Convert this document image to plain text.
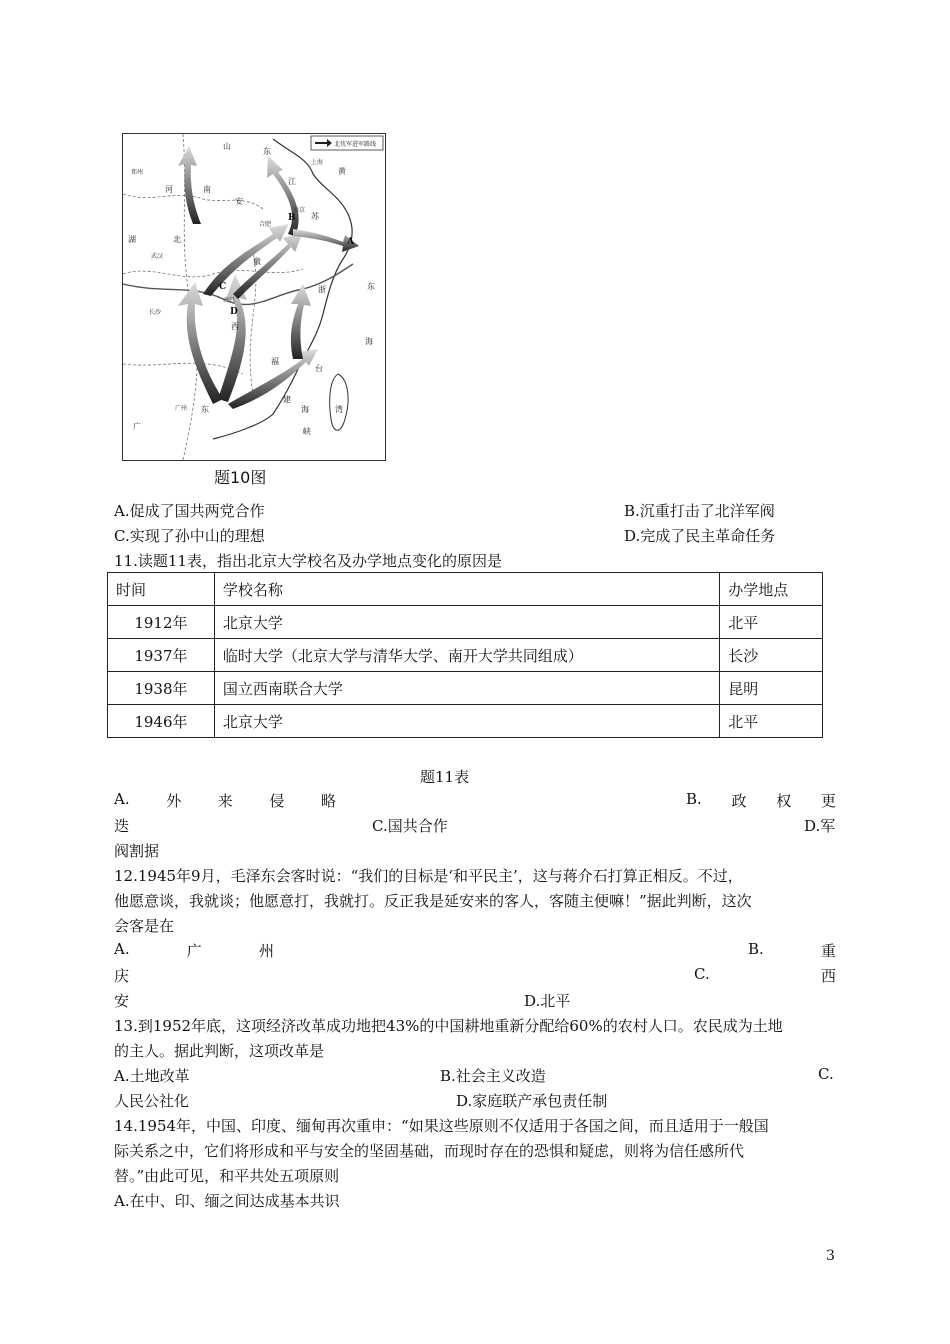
北伐军进军路线
山
东
黄
河	南
安
徽
江
苏
浙
湖	北
西
福
建
台
湾
广
东	海
峡
东
海
A
B
C
D
郑州
南京
上海
合肥
武汉
长沙
南昌
广州
题10图
A.促成了国共两党合作	B.沉重打击了北洋军阀
C.实现了孙中山的理想	D.完成了民主革命任务
11.读题11表，指出北京大学校名及办学地点变化的原因是
时间	学校名称	办学地点
1912年	北京大学	北平
1937年	临时大学（北京大学与清华大学、南开大学共同组成）	长沙
1938年	国立西南联合大学	昆明
1946年	北京大学	北平
题11表
A. 外 来 侵 略	B. 政 权 更
迭	C.国共合作	D.军
阀割据
12.1945年9月，毛泽东会客时说：“我们的目标是‘和平民主’，这与蒋介石打算正相反。不过，
他愿意谈，我就谈；他愿意打，我就打。反正我是延安来的客人，客随主便嘛！”据此判断，这次
会客是在
A.	广	州	B.	重
庆	C.	西
安	D.北平
13.到1952年底，这项经济改革成功地把43%的中国耕地重新分配给60%的农村人口。农民成为土地
的主人。据此判断，这项改革是
A.土地改革	B.社会主义改造	C.
人民公社化	D.家庭联产承包责任制
14.1954年，中国、印度、缅甸再次重申：“如果这些原则不仅适用于各国之间，而且适用于一般国
际关系之中，它们将形成和平与安全的坚固基础，而现时存在的恐惧和疑虑，则将为信任感所代
替。”由此可见，和平共处五项原则
A.在中、印、缅之间达成基本共识
3
